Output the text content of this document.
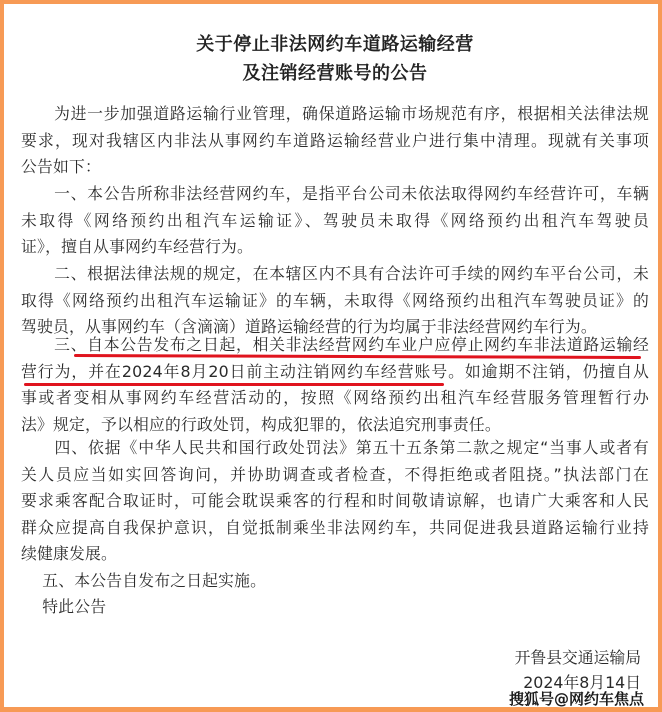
关于停止非法网约车道路运输经营
及注销经营账号的公告
　　为进一步加强道路运输行业管理，确保道路运输市场规范有序，根据相关法律法规
要求，现对我辖区内非法从事网约车道路运输经营业户进行集中清理。现就有关事项
公告如下：
　　一、本公告所称非法经营网约车，是指平台公司未依法取得网约车经营许可，车辆
未取得《网络预约出租汽车运输证》、驾驶员未取得《网络预约出租汽车驾驶员
证》，擅自从事网约车经营行为。
　　二、根据法律法规的规定，在本辖区内不具有合法许可手续的网约车平台公司，未
取得《网络预约出租汽车运输证》的车辆，未取得《网络预约出租汽车驾驶员证》的
驾驶员，从事网约车（含滴滴）道路运输经营的行为均属于非法经营网约车行为。
　　三、自本公告发布之日起，相关非法经营网约车业户应停止网约车非法道路运输经
营行为，并在2024年8月20日前主动注销网约车经营账号。如逾期不注销，仍擅自从
事或者变相从事网约车经营活动的，按照《网络预约出租汽车经营服务管理暂行办
法》规定，予以相应的行政处罚，构成犯罪的，依法追究刑事责任。
　　四、依据《中华人民共和国行政处罚法》第五十五条第二款之规定“当事人或者有
关人员应当如实回答询问，并协助调查或者检查，不得拒绝或者阻挠。”执法部门在
要求乘客配合取证时，可能会耽误乘客的行程和时间敬请谅解，也请广大乘客和人民
群众应提高自我保护意识，自觉抵制乘坐非法网约车，共同促进我县道路运输行业持
续健康发展。
　 五、本公告自发布之日起实施。
　 特此公告
开鲁县交通运输局
2024年8月14日
搜狐号@网约车焦点
